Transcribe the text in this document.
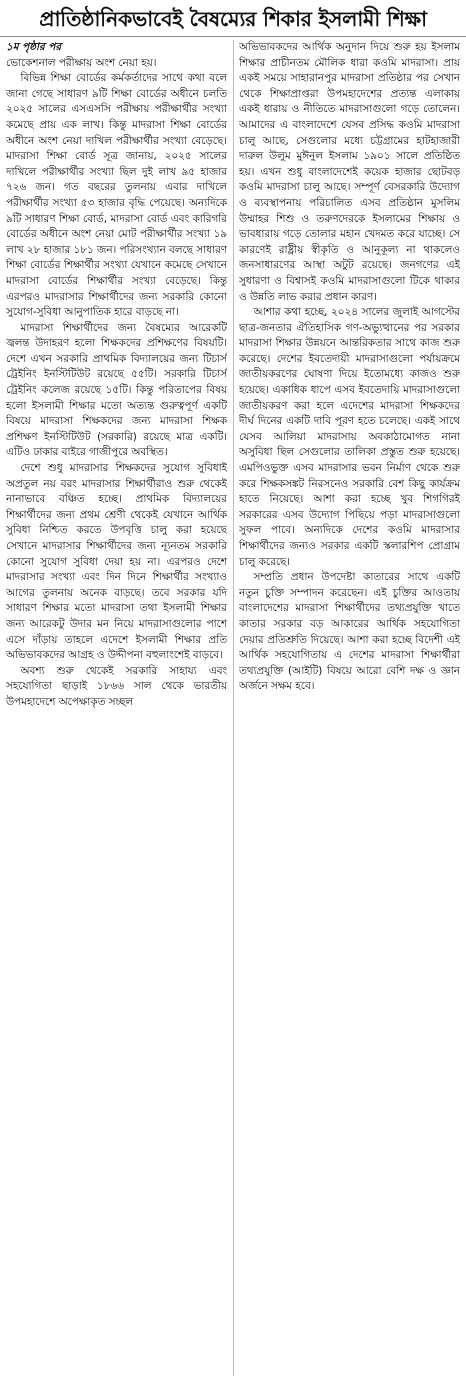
প্রাতিষ্ঠানিকভাবেই বৈষম্যের শিকার ইসলামী শিক্ষা

১ম পৃষ্ঠার পর

ভোকেশনাল পরীক্ষায় অংশ নেয়া হয়।

বিভিন্ন শিক্ষা বোর্ডের কর্মকর্তাদের সাথে কথা বলে জানা গেছে সাধারণ ৯টি শিক্ষা বোর্ডের অধীনে চলতি ২০২৫ সালের এসএসসি পরীক্ষায় পরীক্ষার্থীর সংখ্যা কমেছে প্রায় এক লাখ। কিন্তু মাদরাসা শিক্ষা বোর্ডের অধীনে অংশ নেয়া দাখিল পরীক্ষার্থীর সংখ্যা বেড়েছে। মাদরাসা শিক্ষা বোর্ড সূত্র জানায়, ২০২৫ সালের দাখিলে পরীক্ষার্থীর সংখ্যা ছিল দুই লাখ ৯৫ হাজার ৭২৬ জন। গত বছরের তুলনায় এবার দাখিলে পরীক্ষার্থীর সংখ্যা ৫৩ হাজার বৃদ্ধি পেয়েছে। অন্যদিকে ৯টি সাধারণ শিক্ষা বোর্ড, মাদরাসা বোর্ড এবং কারিগরি বোর্ডের অধীনে অংশ নেয়া মোট পরীক্ষার্থীর সংখ্যা ১৯ লাখ ২৮ হাজার ১৮১ জন। পরিসংখ্যান বলছে সাধারণ শিক্ষা বোর্ডের শিক্ষার্থীর সংখ্যা যেখানে কমেছে সেখানে মাদরাসা বোর্ডের শিক্ষার্থীর সংখ্যা বেড়েছে। কিন্তু এরপরও মাদরাসার শিক্ষার্থীদের জন্য সরকারি কোনো সুযোগ-সুবিধা আনুপাতিক হারে বাড়ছে না।

মাদরাসা শিক্ষার্থীদের জন্য বৈষম্যের আরেকটি জ্বলন্ত উদাহরণ হলো শিক্ষকদের প্রশিক্ষণের বিষয়টি। দেশে এখন সরকারি প্রাথমিক বিদ্যালয়ের জন্য টিচার্স ট্রেইনিং ইনস্টিটিউট রয়েছে ৫৫টি। সরকারি টিচার্স ট্রেইনিং কলেজ রয়েছে ১৫টি। কিন্তু পরিতাপের বিষয় হলো ইসলামী শিক্ষার মতো অত্যন্ত গুরুত্বপূর্ণ একটি বিষয়ে মাদরাসা শিক্ষকদের জন্য মাদরাসা শিক্ষক প্রশিক্ষণ ইনস্টিটিউট (সরকারি) রয়েছে মাত্র একটি। এটিও ঢাকার বাইরে গাজীপুরে অবস্থিত।

দেশে শুধু মাদরাসার শিক্ষকদের সুযোগ সুবিধাই অপ্রতুল নয় বরং মাদরাসার শিক্ষার্থীরাও শুরু থেকেই নানাভাবে বঞ্চিত হচ্ছে। প্রাথমিক বিদ্যালয়ের শিক্ষার্থীদের জন্য প্রথম শ্রেণী থেকেই যেখানে আর্থিক সুবিধা নিশ্চিত করতে উপবৃত্তি চালু করা হয়েছে সেখানে মাদরাসার শিক্ষার্থীদের জন্য ন্যূনতম সরকারি কোনো সুযোগ সুবিধা দেয়া হয় না। এরপরও দেশে মাদরাসার সংখ্যা এবং দিন দিনে শিক্ষার্থীর সংখ্যাও আগের তুলনায় অনেক বাড়ছে। তবে সরকার যদি সাধারণ শিক্ষার মতো মাদরাসা তথা ইসলামী শিক্ষার জন্য আরেকটু উদার মন নিয়ে মাদরাসাগুলোর পাশে এসে দাঁড়ায় তাহলে এদেশে ইসলামী শিক্ষার প্রতি অভিভাবকদের আগ্রহ ও উদ্দীপনা বহুলাংশেই বাড়বে।

অবশ্য শুরু থেকেই সরকারি সাহায্য এবং সহযোগিতা ছাড়াই ১৮৬৬ সাল থেকে ভারতীয় উপমহাদেশে অপেক্ষাকৃত সচ্ছল

অভিভাবকদের আর্থিক অনুদান দিয়ে শুরু হয় ইসলাম শিক্ষার প্রাচীনতম মৌলিক ধারা কওমি মাদরাসা। প্রায় একই সময়ে সাহারানপুর মাদরাসা প্রতিষ্ঠার পর সেখান থেকে শিক্ষাপ্রাপ্তরা উপমহাদেশের প্রত্যন্ত এলাকায় একই ধারায় ও নীতিতে মাদরাসাগুলো গড়ে তোলেন। আমাদের এ বাংলাদেশে যেসব প্রসিদ্ধ কওমি মাদরাসা চালু আছে, সেগুলোর মধ্যে চট্টগ্রামের হাটহাজারী দারুল উলুম মুঈনুল ইসলাম ১৯০১ সালে প্রতিষ্ঠিত হয়। এখন শুধু বাংলাদেশেই কয়েক হাজার ছোটবড় কওমি মাদরাসা চালু আছে। সম্পূর্ণ বেসরকারি উদ্যোগ ও ব্যবস্থাপনায় পরিচালিত এসব প্রতিষ্ঠান মুসলিম উম্মাহর শিশু ও তরুণদেরকে ইসলামের শিক্ষায় ও ভাবধারায় গড়ে তোলার মহান খেদমত করে যাচ্ছে। সে কারণেই রাষ্ট্রীয় স্বীকৃতি ও আনুকূল্য না থাকলেও জনসাধারণের আস্থা অটুট রয়েছে। জনগণের এই সুধারণা ও বিশ্বাসই কওমি মাদরাসাগুলো টিকে থাকার ও উন্নতি লাভ করার প্রধান কারণ।

আশার কথা হচ্ছে, ২০২৪ সালের জুলাই আগস্টের ছাত্র-জনতার ঐতিহাসিক গণ-অভ্যুত্থানের পর সরকার মাদরাসা শিক্ষার উন্নয়নে আন্তরিকতার সাথে কাজ শুরু করেছে। দেশের ইবতেদায়ী মাদরাসাগুলো পর্যায়ক্রমে জাতীয়করণের ঘোষণা দিয়ে ইতোমধ্যে কাজও শুরু হয়েছে। একাধিক ধাপে এসব ইবতেদায়ি মাদরাসাগুলো জাতীয়করণ করা হলে এদেশের মাদরাসা শিক্ষকদের দীর্ঘ দিনের একটি দাবি পূরণ হতে চলেছে। একই সাথে যেসব আলিয়া মাদরাসায় অবকাঠামোগত নানা অসুবিধা ছিল সেগুলোর তালিকা প্রস্তুত শুরু হয়েছে। এমপিওভুক্ত এসব মাদরাসার ভবন নির্মাণ থেকে শুরু করে শিক্ষকসঙ্কট নিরসনেও সরকারি বেশ কিছু কার্যক্রম হাতে নিয়েছে। আশা করা হচ্ছে খুব শিগগিরই সরকারের এসব উদ্যোগ পিছিয়ে পড়া মাদরাসাগুলো সুফল পাবে। অন্যদিকে দেশের কওমি মাদরাসার শিক্ষার্থীদের জন্যও সরকার একটি স্কলারশিপ প্রোগ্রাম চালু করেছে।

সম্প্রতি প্রধান উপদেষ্টা কাতারের সাথে একটি নতুন চুক্তি সম্পাদন করেছেন। এই চুক্তির আওতায় বাংলাদেশের মাদরাসা শিক্ষার্থীদের তথ্যপ্রযুক্তি খাতে কাতার সরকার বড় আকারের আর্থিক সহযোগিতা দেয়ার প্রতিশ্রুতি দিয়েছে। আশা করা হচ্ছে বিদেশী এই আর্থিক সহযোগিতায় এ দেশের মাদরাসা শিক্ষার্থীরা তথ্যপ্রযুক্তি (আইটি) বিষয়ে আরো বেশি দক্ষ ও জ্ঞান অর্জনে সক্ষম হবে।
